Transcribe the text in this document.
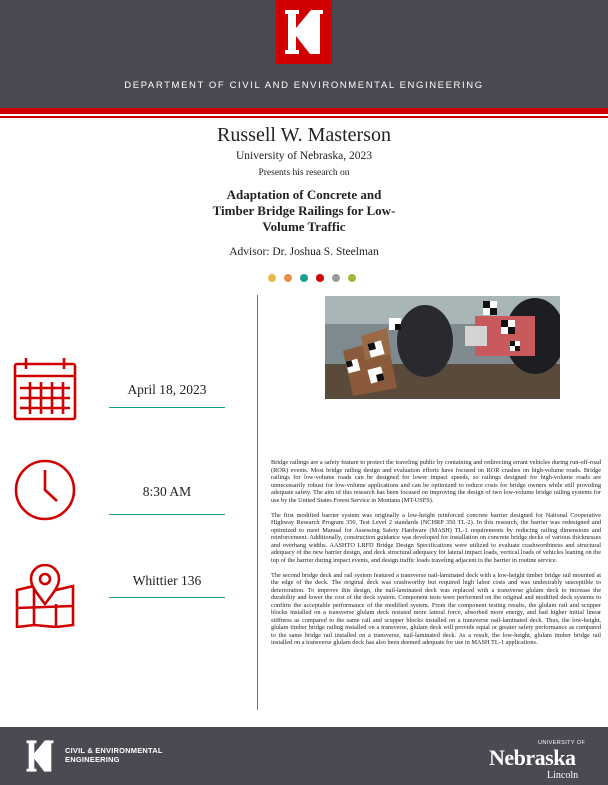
DEPARTMENT OF CIVIL AND ENVIRONMENTAL ENGINEERING
Russell W. Masterson
University of Nebraska, 2023
Presents his research on
Adaptation of Concrete and
Timber Bridge Railings for Low-
Volume Traffic
Advisor: Dr. Joshua S. Steelman
April 18, 2023
8:30 AM
Whittier 136

Bridge railings are a safety feature to protect the traveling public by containing and redirecting errant vehicles during run-off-road (ROR) events. Most bridge railing design and evaluation efforts have focused on ROR crashes on high-volume roads. Bridge railings for low-volume roads can be designed for lower impact speeds, so railings designed for high-volume roads are unnecessarily robust for low-volume applications and can be optimized to reduce costs for bridge owners while still providing adequate safety. The aim of this research has been focused on improving the design of two low-volume bridge railing systems for use by the United States Forest Service in Montana (MT-USFS).

The first modified barrier system was originally a low-height reinforced concrete barrier designed for National Cooperative Highway Research Program 350, Test Level 2 standards (NCHRP 350 TL-2). In this research, the barrier was redesigned and optimized to meet Manual for Assessing Safety Hardware (MASH) TL-1 requirements by reducing railing dimensions and reinforcement. Additionally, construction guidance was developed for installation on concrete bridge decks of various thicknesses and overhang widths. AASHTO LRFD Bridge Design Specifications were utilized to evaluate crashworthiness and structural adequacy of the new barrier design, and deck structural adequacy for lateral impact loads, vertical loads of vehicles leaning on the top of the barrier during impact events, and design traffic loads traveling adjacent to the barrier in routine service.

The second bridge deck and rail system featured a transverse nail-laminated deck with a low-height timber bridge rail mounted at the edge of the deck. The original deck was crashworthy but required high labor costs and was undesirably susceptible to deterioration. To improve this design, the nail-laminated deck was replaced with a transverse glulam deck to increase the durability and lower the cost of the deck system. Component tests were performed on the original and modified deck systems to confirm the acceptable performance of the modified system. From the component testing results, the glulam rail and scupper blocks installed on a transverse glulam deck resisted more lateral force, absorbed more energy, and had higher initial linear stiffness as compared to the same rail and scupper blocks installed on a transverse nail-laminated deck. Thus, the low-height, glulam timber bridge railing installed on a transverse, glulam deck will provide equal or greater safety performance as compared to the same bridge rail installed on a transverse, nail-laminated deck. As a result, the low-height, glulam timber bridge rail installed on a transverse glulam deck has also been deemed adequate for use in MASH TL-1 applications.

CIVIL & ENVIRONMENTAL
ENGINEERING
UNIVERSITY OF
Nebraska
Lincoln
